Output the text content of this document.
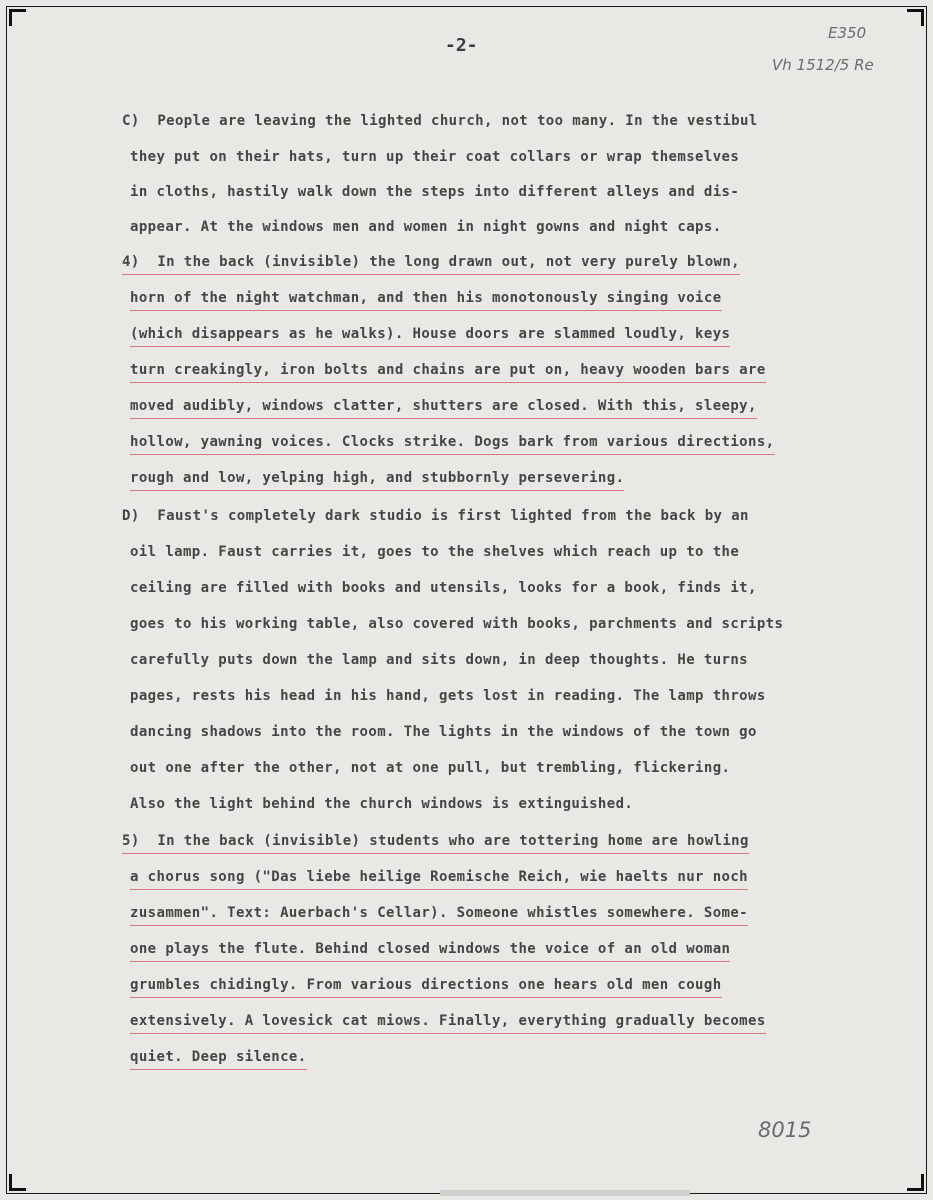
-2-
E350
Vh 1512/5 Re
C)  People are leaving the lighted church, not too many. In the vestibul
they put on their hats, turn up their coat collars or wrap themselves
in cloths, hastily walk down the steps into different alleys and dis-
appear. At the windows men and women in night gowns and night caps.
4)  In the back (invisible) the long drawn out, not very purely blown,
horn of the night watchman, and then his monotonously singing voice
(which disappears as he walks). House doors are slammed loudly, keys
turn creakingly, iron bolts and chains are put on, heavy wooden bars are
moved audibly, windows clatter, shutters are closed. With this, sleepy,
hollow, yawning voices. Clocks strike. Dogs bark from various directions,
rough and low, yelping high, and stubbornly persevering.
D)  Faust's completely dark studio is first lighted from the back by an
oil lamp. Faust carries it, goes to the shelves which reach up to the
ceiling are filled with books and utensils, looks for a book, finds it,
goes to his working table, also covered with books, parchments and scripts
carefully puts down the lamp and sits down, in deep thoughts. He turns
pages, rests his head in his hand, gets lost in reading. The lamp throws
dancing shadows into the room. The lights in the windows of the town go
out one after the other, not at one pull, but trembling, flickering.
Also the light behind the church windows is extinguished.
5)  In the back (invisible) students who are tottering home are howling
a chorus song ("Das liebe heilige Roemische Reich, wie haelts nur noch
zusammen". Text: Auerbach's Cellar). Someone whistles somewhere. Some-
one plays the flute. Behind closed windows the voice of an old woman
grumbles chidingly. From various directions one hears old men cough
extensively. A lovesick cat miows. Finally, everything gradually becomes
quiet. Deep silence.
8015
